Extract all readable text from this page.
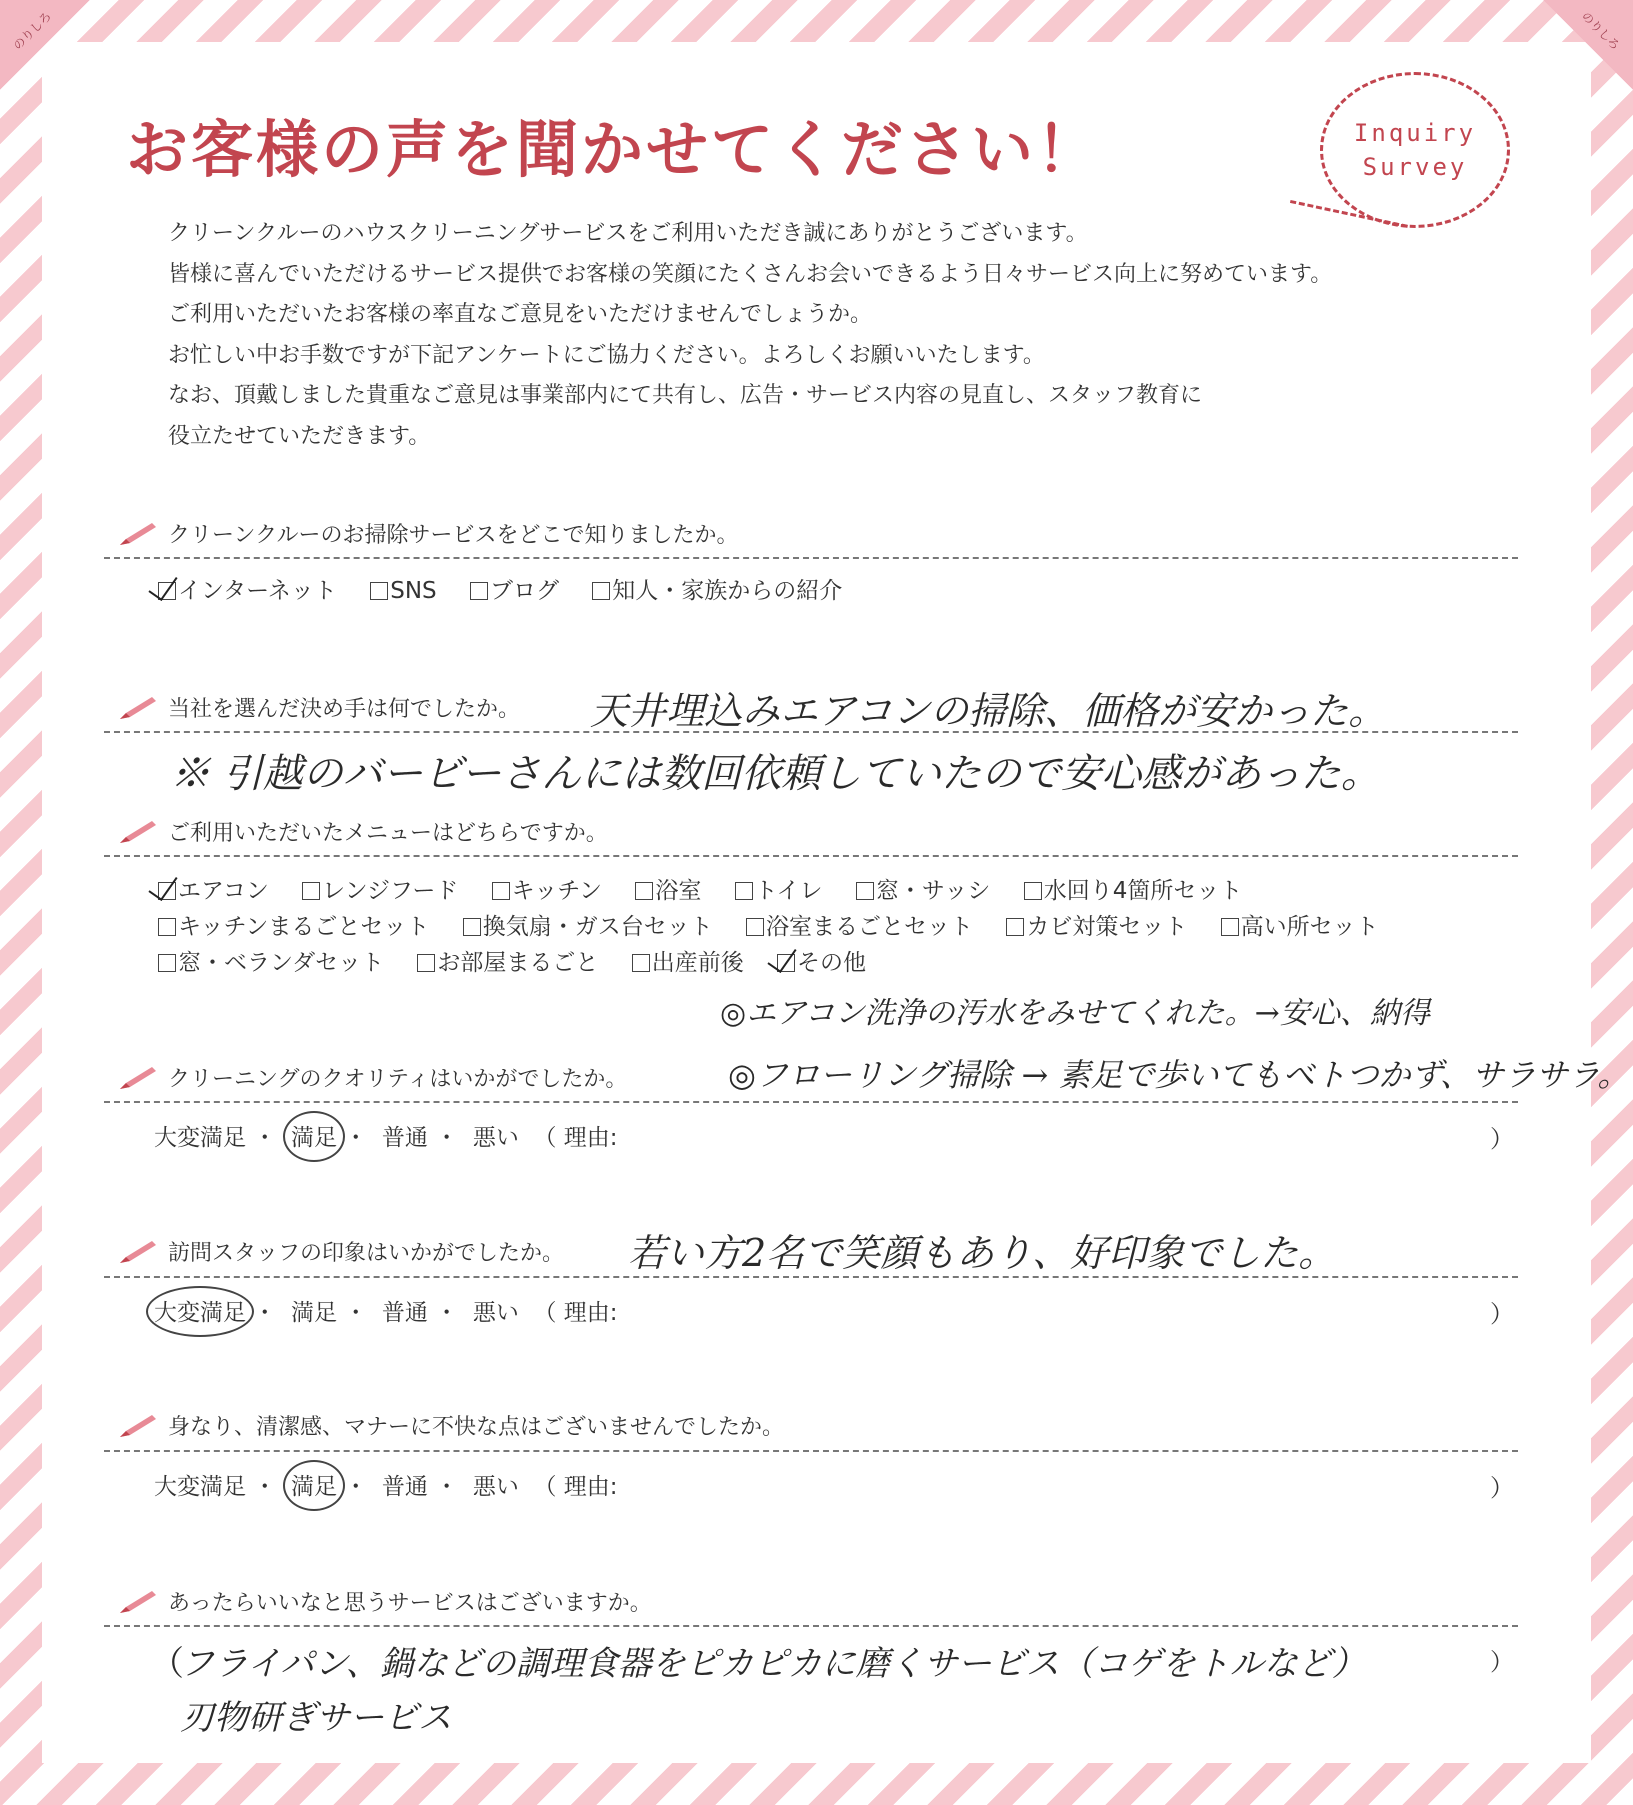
のりしろ	のりしろ
お客様の声を聞かせてください！	Inquiry
Survey

クリーンクルーのハウスクリーニングサービスをご利用いただき誠にありがとうございます。

皆様に喜んでいただけるサービス提供でお客様の笑顔にたくさんお会いできるよう日々サービス向上に努めています。

ご利用いただいたお客様の率直なご意見をいただけませんでしょうか。

お忙しい中お手数ですが下記アンケートにご協力ください。よろしくお願いいたします。

なお、頂戴しました貴重なご意見は事業部内にて共有し、広告・サービス内容の見直し、スタッフ教育に

役立たせていただきます。

クリーンクルーのお掃除サービスをどこで知りましたか。
インターネット SNS ブログ 知人・家族からの紹介
当社を選んだ決め手は何でしたか。 天井埋込みエアコンの掃除、価格が安かった。
※ 引越のバービーさんには数回依頼していたので安心感があった。
ご利用いただいたメニューはどちらですか。
エアコン レンジフード キッチン 浴室 トイレ 窓・サッシ 水回り4箇所セット
キッチンまるごとセット 換気扇・ガス台セット 浴室まるごとセット カビ対策セット 高い所セット
窓・ベランダセット お部屋まるごと 出産前後 その他
◎エアコン洗浄の汚水をみせてくれた。→安心、納得
クリーニングのクオリティはいかがでしたか。	◎フローリング掃除 → 素足で歩いてもベトつかず、サラサラ。
大変満足 ・  満足 ・  普通 ・  悪い （ 理由:	）
訪問スタッフの印象はいかがでしたか。 若い方2名で笑顔もあり、好印象でした。
大変満足 ・  満足 ・  普通 ・  悪い （ 理由:	）
身なり、清潔感、マナーに不快な点はございませんでしたか。
大変満足 ・  満足 ・  普通 ・  悪い （ 理由:	）
あったらいいなと思うサービスはございますか。
（
フライパン、鍋などの調理食器をピカピカに磨くサービス（コゲをトルなど）	）
刃物研ぎサービス
